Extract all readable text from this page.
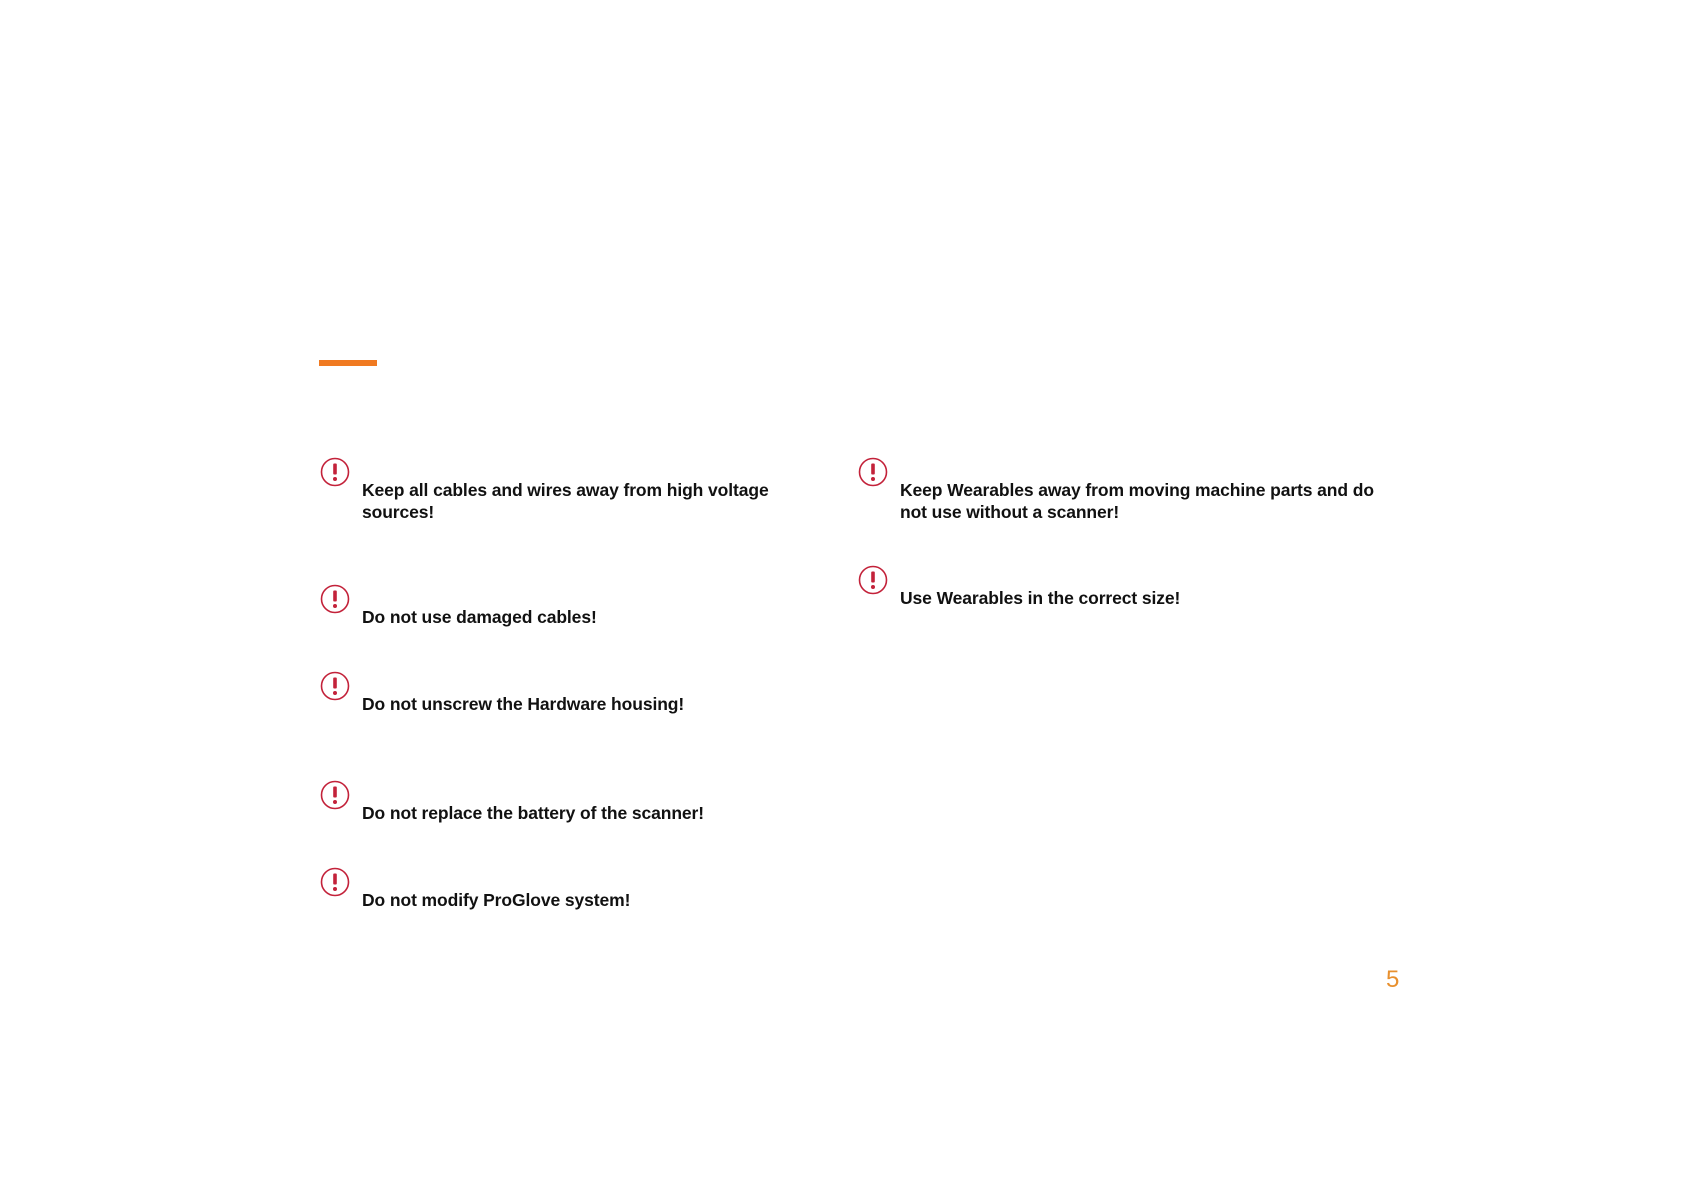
Keep all cables and wires away from high voltage sources!

Do not use damaged cables!

Do not unscrew the Hardware housing!

Do not replace the battery of the scanner!

Do not modify ProGlove system!

Keep Wearables away from moving machine parts and do not use without a scanner!

Use Wearables in the correct size!

5
